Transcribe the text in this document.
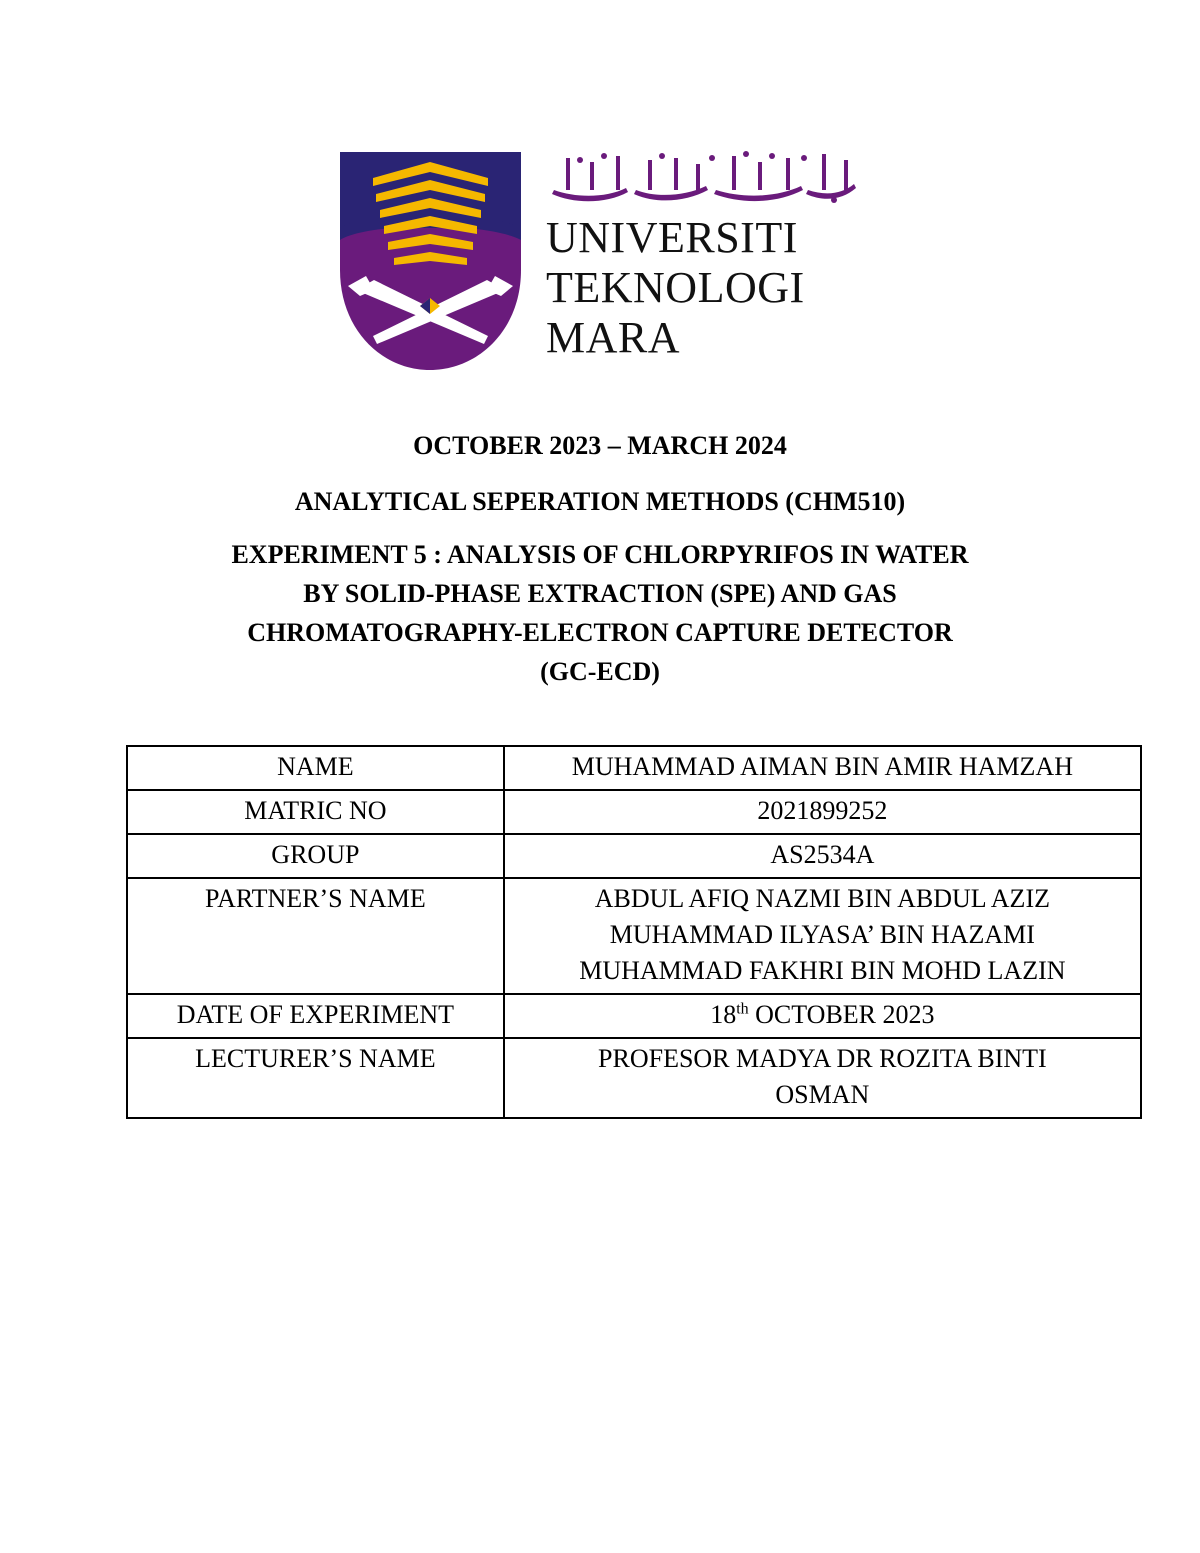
UNIVERSITI
TEKNOLOGI
MARA
OCTOBER 2023 – MARCH 2024
ANALYTICAL SEPERATION METHODS (CHM510)
EXPERIMENT 5 : ANALYSIS OF CHLORPYRIFOS IN WATER
BY SOLID-PHASE EXTRACTION (SPE) AND GAS
CHROMATOGRAPHY-ELECTRON CAPTURE DETECTOR
(GC-ECD)
NAME	MUHAMMAD AIMAN BIN AMIR HAMZAH
MATRIC NO	2021899252
GROUP	AS2534A
PARTNER’S NAME	ABDUL AFIQ NAZMI BIN ABDUL AZIZ
MUHAMMAD ILYASA’ BIN HAZAMI
MUHAMMAD FAKHRI BIN MOHD LAZIN

DATE OF EXPERIMENT	18th OCTOBER 2023
LECTURER’S NAME	PROFESOR MADYA DR ROZITA BINTI
OSMAN
